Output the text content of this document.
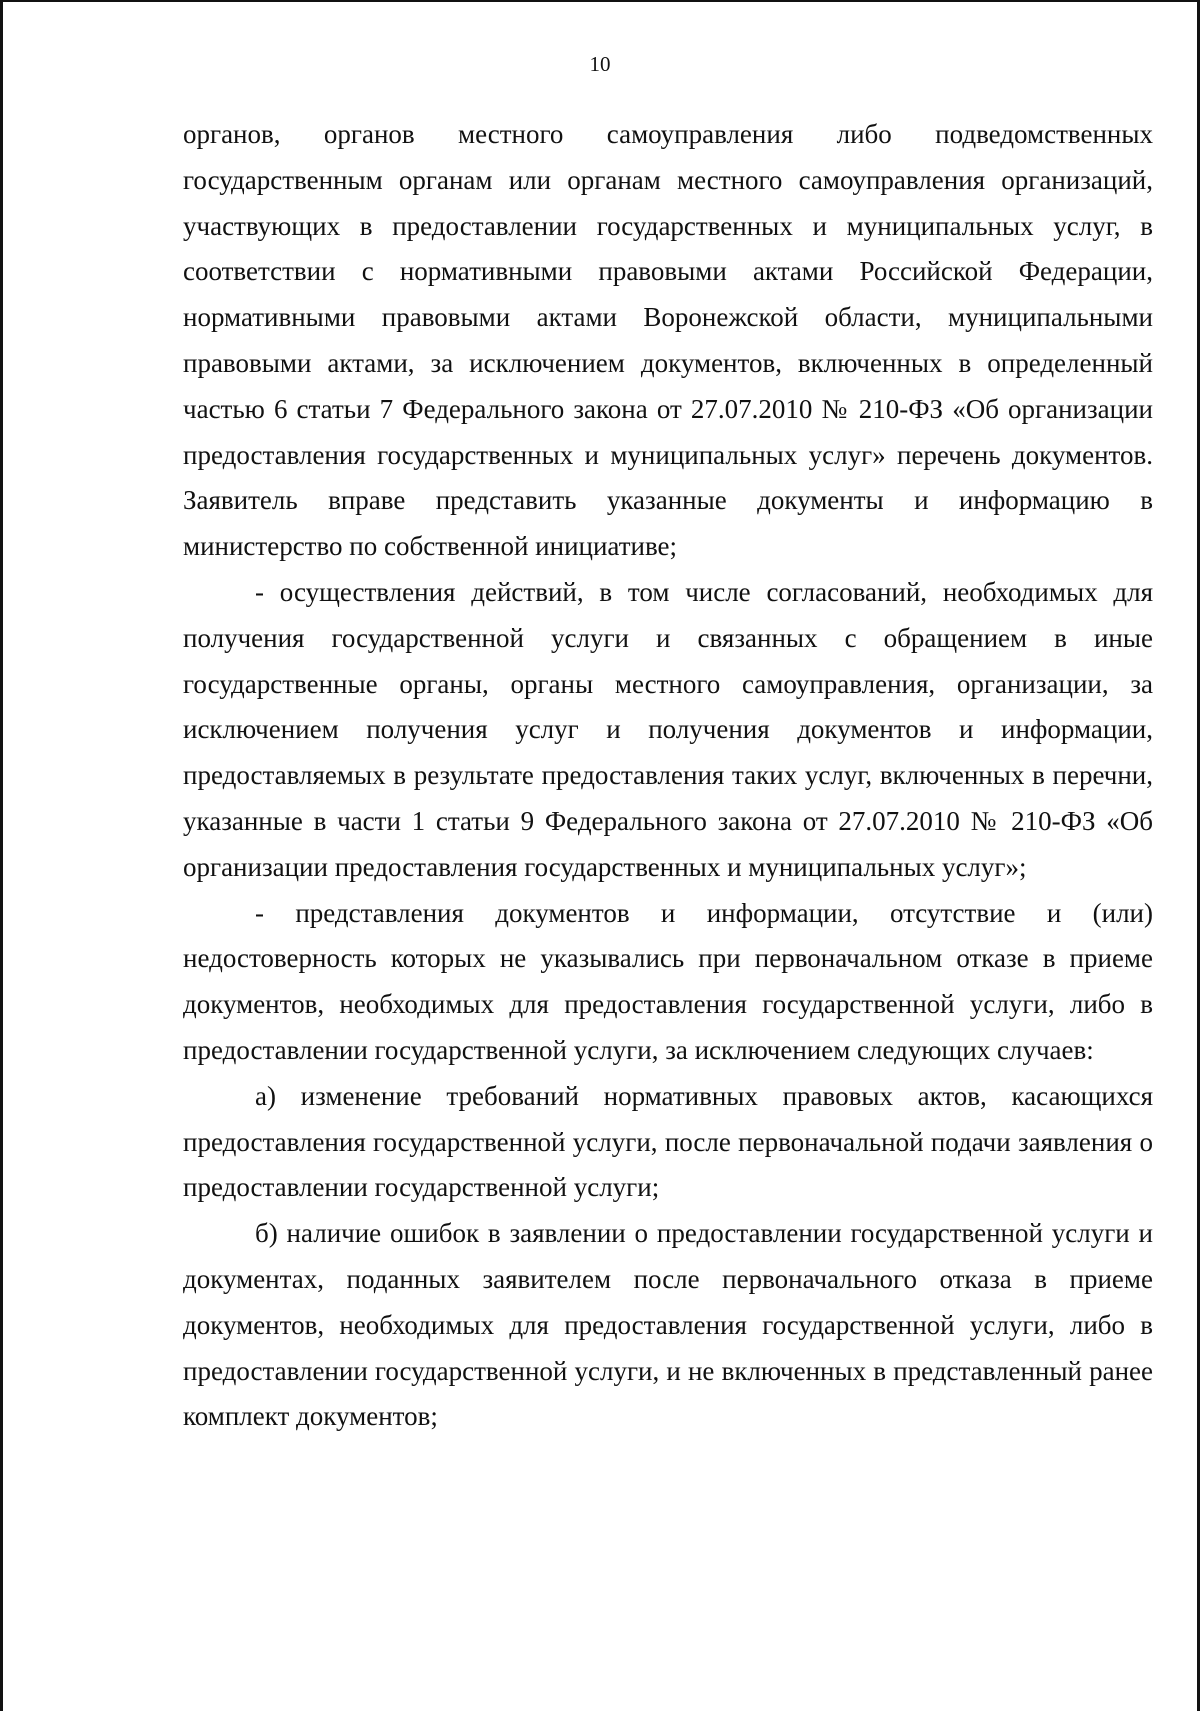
10

органов, органов местного самоуправления либо подведомственных государственным органам или органам местного самоуправления организаций, участвующих в предоставлении государственных и муниципальных услуг, в соответствии с нормативными правовыми актами Российской Федерации, нормативными правовыми актами Воронежской области, муниципальными правовыми актами, за исключением документов, включенных в определенный частью 6 статьи 7 Федерального закона от 27.07.2010 № 210-ФЗ «Об организации предоставления государственных и муниципальных услуг» перечень документов. Заявитель вправе представить указанные документы и информацию в министерство по собственной инициативе;

- осуществления действий, в том числе согласований, необходимых для получения государственной услуги и связанных с обращением в иные государственные органы, органы местного самоуправления, организации, за исключением получения услуг и получения документов и информации, предоставляемых в результате предоставления таких услуг, включенных в перечни, указанные в части 1 статьи 9 Федерального закона от 27.07.2010 № 210-ФЗ «Об организации предоставления государственных и муниципальных услуг»;

- представления документов и информации, отсутствие и (или) недостоверность которых не указывались при первоначальном отказе в приеме документов, необходимых для предоставления государственной услуги, либо в предоставлении государственной услуги, за исключением следующих случаев:

а) изменение требований нормативных правовых актов, касающихся предоставления государственной услуги, после первоначальной подачи заявления о предоставлении государственной услуги;

б) наличие ошибок в заявлении о предоставлении государственной услуги и документах, поданных заявителем после первоначального отказа в приеме документов, необходимых для предоставления государственной услуги, либо в предоставлении государственной услуги, и не включенных в представленный ранее комплект документов;
